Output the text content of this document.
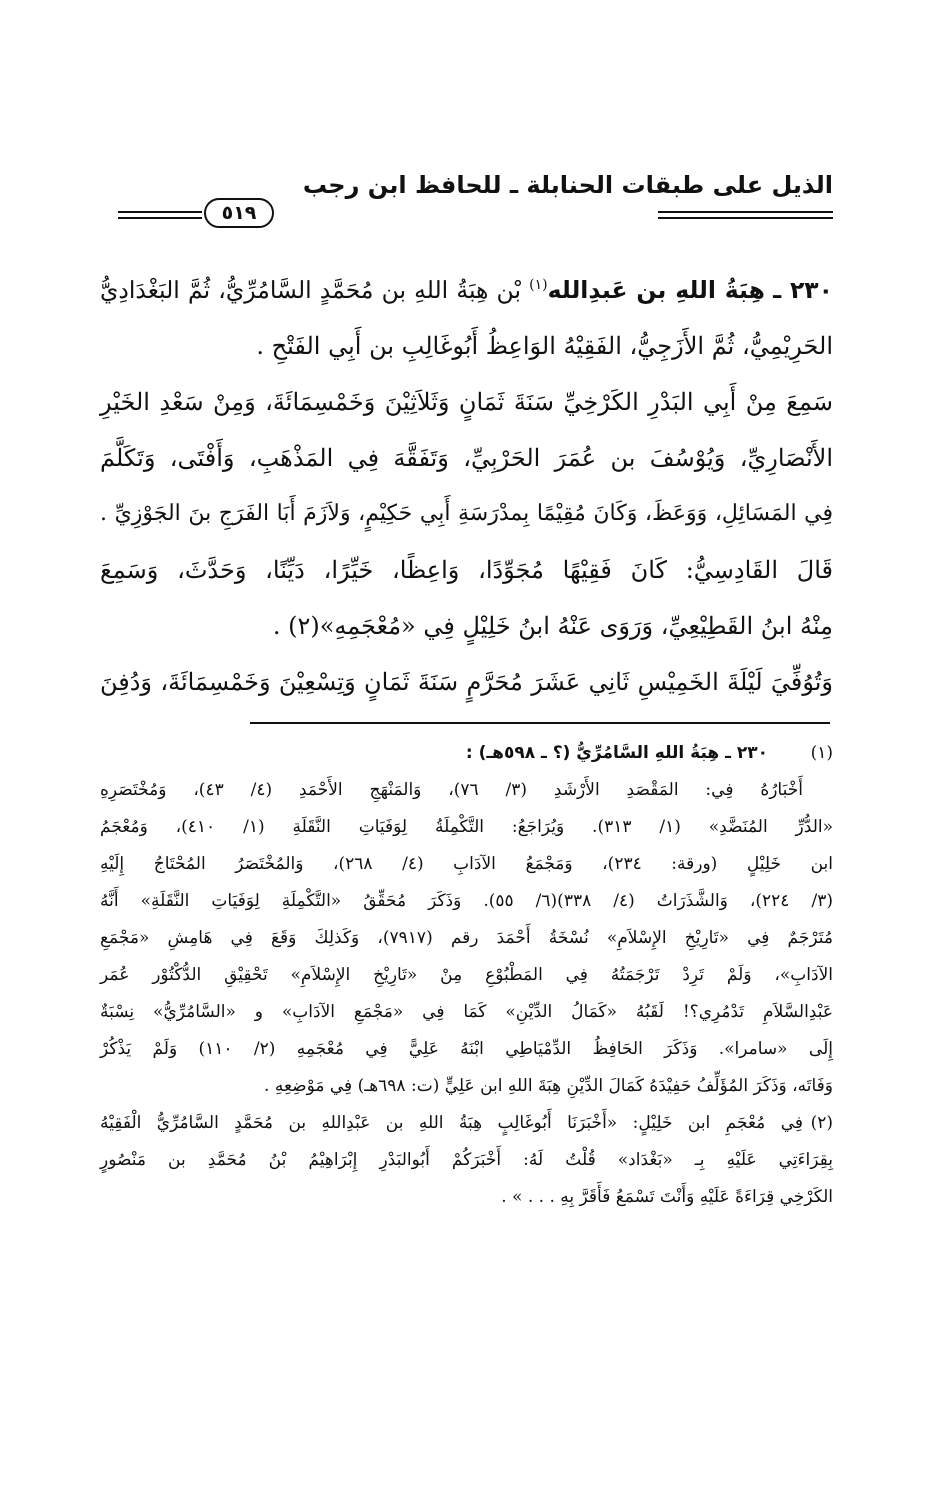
الذيل على طبقات الحنابلة ـ للحافظ ابن رجب
٥١٩
٢٣٠ ـ هِبَةُ اللهِ بن عَبدِالله$^{(١)}$ بْن هِبَةُ اللهِ بن مُحَمَّدٍ السَّامُرِّيُّ، ثُمَّ البَغْدَادِيُّ
الحَرِيْمِيُّ، ثُمَّ الأَزَجِيُّ، الفَقِيْهُ الوَاعِظُ أَبُوغَالِبِ بن أَبِي الفَتْحِ .
سَمِعَ مِنْ أَبِي البَدْرِ الكَرْخِيِّ سَنَةَ ثَمَانٍ وَثَلاَثِيْنَ وَخَمْسِمَائَةَ، وَمِنْ سَعْدِ الخَيْرِ
الأَنْصَارِيِّ، وَيُوْسُفَ بن عُمَرَ الحَرْبِيِّ، وَتَفَقَّهَ فِي المَذْهَبِ، وَأَفْتَى، وَتَكَلَّمَ
فِي المَسَائِلِ، وَوَعَظَ، وَكَانَ مُقِيْمًا بِمدْرَسَةِ أَبِي حَكِيْمٍ، وَلاَزَمَ أَبَا الفَرَجِ بنَ الجَوْزِيِّ .
قَالَ القَادِسِيُّ: كَانَ فَقِيْهًا مُجَوِّدًا، وَاعِظًا، خَيِّرًا، دَيِّنًا، وَحَدَّثَ، وَسَمِعَ
مِنْهُ ابنُ القَطِيْعِيِّ، وَرَوَى عَنْهُ ابنُ خَلِيْلٍ فِي «مُعْجَمِهِ»(٢) .
وَتُوُفِّيَ لَيْلَةَ الخَمِيْسِ ثَانِي عَشَرَ مُحَرَّمٍ سَنَةَ ثَمَانٍ وَتِسْعِيْنَ وَخَمْسِمَائَةَ، وَدُفِنَ
(١)
٢٣٠ ـ هِبَةُ اللهِ السَّامُرِّيُّ (؟ ـ ٥٩٨هـ) :
أَخْبَارُهُ فِي: المَقْصَدِ الأَرْشَدِ (٣/ ٧٦)، وَالمَنْهَجِ الأَحْمَدِ (٤/ ٤٣)، وَمُخْتَصَرِهِ
«الدُّرِّ المُنَضَّدِ» (١/ ٣١٣). وَيُرَاجَعُ: التَّكْمِلَةُ لِوَفَيَاتِ النَّقَلَةِ (١/ ٤١٠)، وَمُعْجَمُ
ابن خَلِيْلٍ (ورقة: ٢٣٤)، وَمَجْمَعُ الآدَابِ (٤/ ٢٦٨)، وَالمُخْتَصَرُ المُحْتَاجُ إِلَيْهِ
(٣/ ٢٢٤)، وَالشَّذَرَاتُ (٤/ ٣٣٨)(٦/ ٥٥). وَذَكَرَ مُحَقِّقُ «التَّكْمِلَةِ لِوَفَيَاتِ النَّقَلَةِ» أَنَّهُ
مُتَرْجَمٌ فِي «تَارِيْخِ الإِسْلاَمِ» نُسْخَةُ أَحْمَدَ رقم (٧٩١٧)، وَكَذلِكَ وَقَعَ فِي هَامِشِ «مَجْمَعِ
الآدَابِ»، وَلَمْ تَرِدْ تَرْجَمَتُهُ فِي المَطْبُوْعِ مِنْ «تَارِيْخِ الإِسْلاَمِ» تَحْقِيْقِ الدُّكْتُوْر عُمَر
عَبْدِالسَّلاَمِ تَدْمُرِي؟! لَقَبُهُ «كَمَالُ الدِّيْنِ» كَمَا فِي «مَجْمَعِ الآدَابِ» و «السَّامُرِّيُّ» نِسْبَةٌ
إِلَى «سامرا». وَذَكَرَ الحَافِظُ الدِّمْيَاطِي ابْنَهُ عَلِيًّ فِي مُعْجَمِهِ (٢/ ١١٠) وَلَمْ يَذْكُرْ
وَفَاتَه، وَذَكَرَ المُؤَلِّفُ حَفِيْدَهُ كَمَالَ الدِّيْنِ هِبَةَ اللهِ ابن عَلِيٍّ (ت: ٦٩٨هـ) فِي مَوْضِعِهِ .
(٢)
فِي مُعْجَمِ ابن خَلِيْلٍ: «أَخْبَرَنَا أَبُوغَالِبٍ هِبَةُ اللهِ بن عَبْدِاللهِ بن مُحَمَّدٍ السَّامُرِّيُّ الْفَقِيْهُ
بِقِرَاءَتِي عَلَيْهِ بِـ «بَغْدَاد» قُلْتُ لَهُ: أَخْبَرَكُمْ أَبُوالبَدْرِ إِبْرَاهِيْمُ بْنُ مُحَمَّدِ بن مَنْصُورٍ
الكَرْخِي قِرَاءَةً عَلَيْهِ وَأَنْتَ تَسْمَعُ فَأَقَرَّ بِهِ . . . » .
